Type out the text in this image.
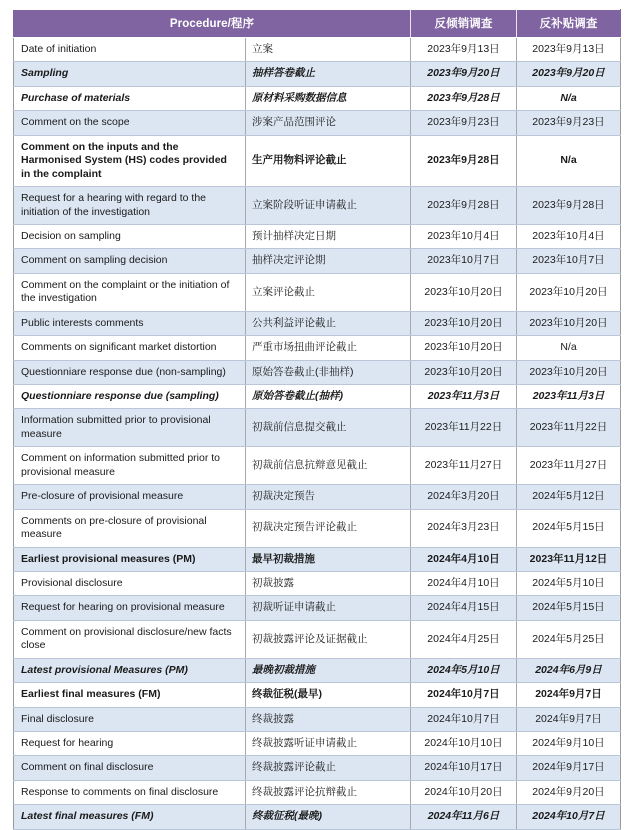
Procedure/程序		反倾销调查	反补贴调查
Date of initiation	立案	2023年9月13日	2023年9月13日
Sampling	抽样答卷截止	2023年9月20日	2023年9月20日
Purchase of materials	原材料采购数据信息	2023年9月28日	N/a
Comment on the scope	涉案产品范围评论	2023年9月23日	2023年9月23日
Comment on the inputs and the Harmonised System (HS) codes provided in the complaint	生产用物料评论截止	2023年9月28日	N/a
Request for a hearing with regard to the initiation of the investigation	立案阶段听证申请截止	2023年9月28日	2023年9月28日
Decision on sampling	预计抽样决定日期	2023年10月4日	2023年10月4日
Comment on sampling decision	抽样决定评论期	2023年10月7日	2023年10月7日
Comment on the complaint or the initiation of the investigation	立案评论截止	2023年10月20日	2023年10月20日
Public interests comments	公共利益评论截止	2023年10月20日	2023年10月20日
Comments on significant market distortion	严重市场扭曲评论截止	2023年10月20日	N/a
Questionniare response due (non-sampling)	原始答卷截止(非抽样)	2023年10月20日	2023年10月20日
Questionniare response due (sampling)	原始答卷截止(抽样)	2023年11月3日	2023年11月3日
Information submitted prior to provisional measure	初裁前信息提交截止	2023年11月22日	2023年11月22日
Comment on information submitted prior to provisional measure	初裁前信息抗辩意见截止	2023年11月27日	2023年11月27日
Pre-closure of provisional measure	初裁决定预告	2024年3月20日	2024年5月12日
Comments on pre-closure of provisional measure	初裁决定预告评论截止	2024年3月23日	2024年5月15日
Earliest provisional measures (PM)	最早初裁措施	2024年4月10日	2023年11月12日
Provisional disclosure	初裁披露	2024年4月10日	2024年5月10日
Request for hearing on provisional measure	初裁听证申请截止	2024年4月15日	2024年5月15日
Comment on provisional disclosure/new facts close	初裁披露评论及证据截止	2024年4月25日	2024年5月25日
Latest provisional Measures (PM)	最晚初裁措施	2024年5月10日	2024年6月9日
Earliest final measures (FM)	终裁征税(最早)	2024年10月7日	2024年9月7日
Final disclosure	终裁披露	2024年10月7日	2024年9月7日
Request for hearing	终裁披露听证申请截止	2024年10月10日	2024年9月10日
Comment on final disclosure	终裁披露评论截止	2024年10月17日	2024年9月17日
Response to comments on final disclosure	终裁披露评论抗辩截止	2024年10月20日	2024年9月20日
Latest final measures (FM)	终裁征税(最晚)	2024年11月6日	2024年10月7日
